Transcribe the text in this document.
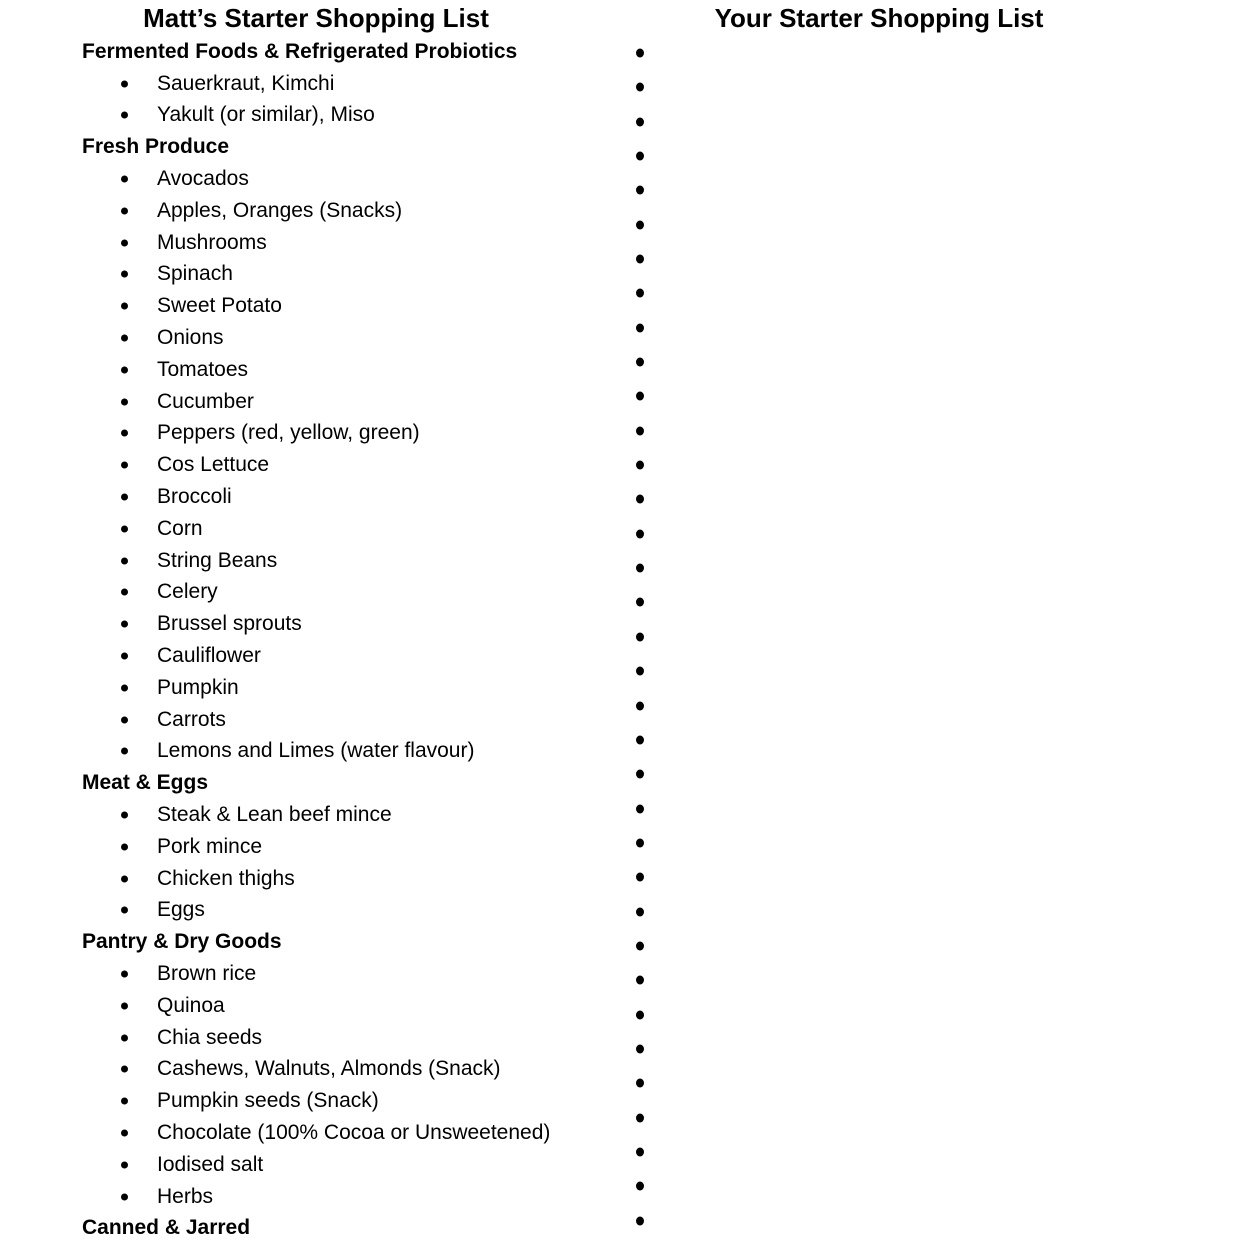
Matt’s Starter Shopping List	Your Starter Shopping List
Fermented Foods & Refrigerated Probiotics
Sauerkraut, Kimchi
Yakult (or similar), Miso
Fresh Produce
Avocados
Apples, Oranges (Snacks)
Mushrooms
Spinach
Sweet Potato
Onions
Tomatoes
Cucumber
Peppers (red, yellow, green)
Cos Lettuce
Broccoli
Corn
String Beans
Celery
Brussel sprouts
Cauliflower
Pumpkin
Carrots
Lemons and Limes (water flavour)
Meat & Eggs
Steak & Lean beef mince
Pork mince
Chicken thighs
Eggs
Pantry & Dry Goods
Brown rice
Quinoa
Chia seeds
Cashews, Walnuts, Almonds (Snack)
Pumpkin seeds (Snack)
Chocolate (100% Cocoa or Unsweetened)
Iodised salt
Herbs
Canned & Jarred
